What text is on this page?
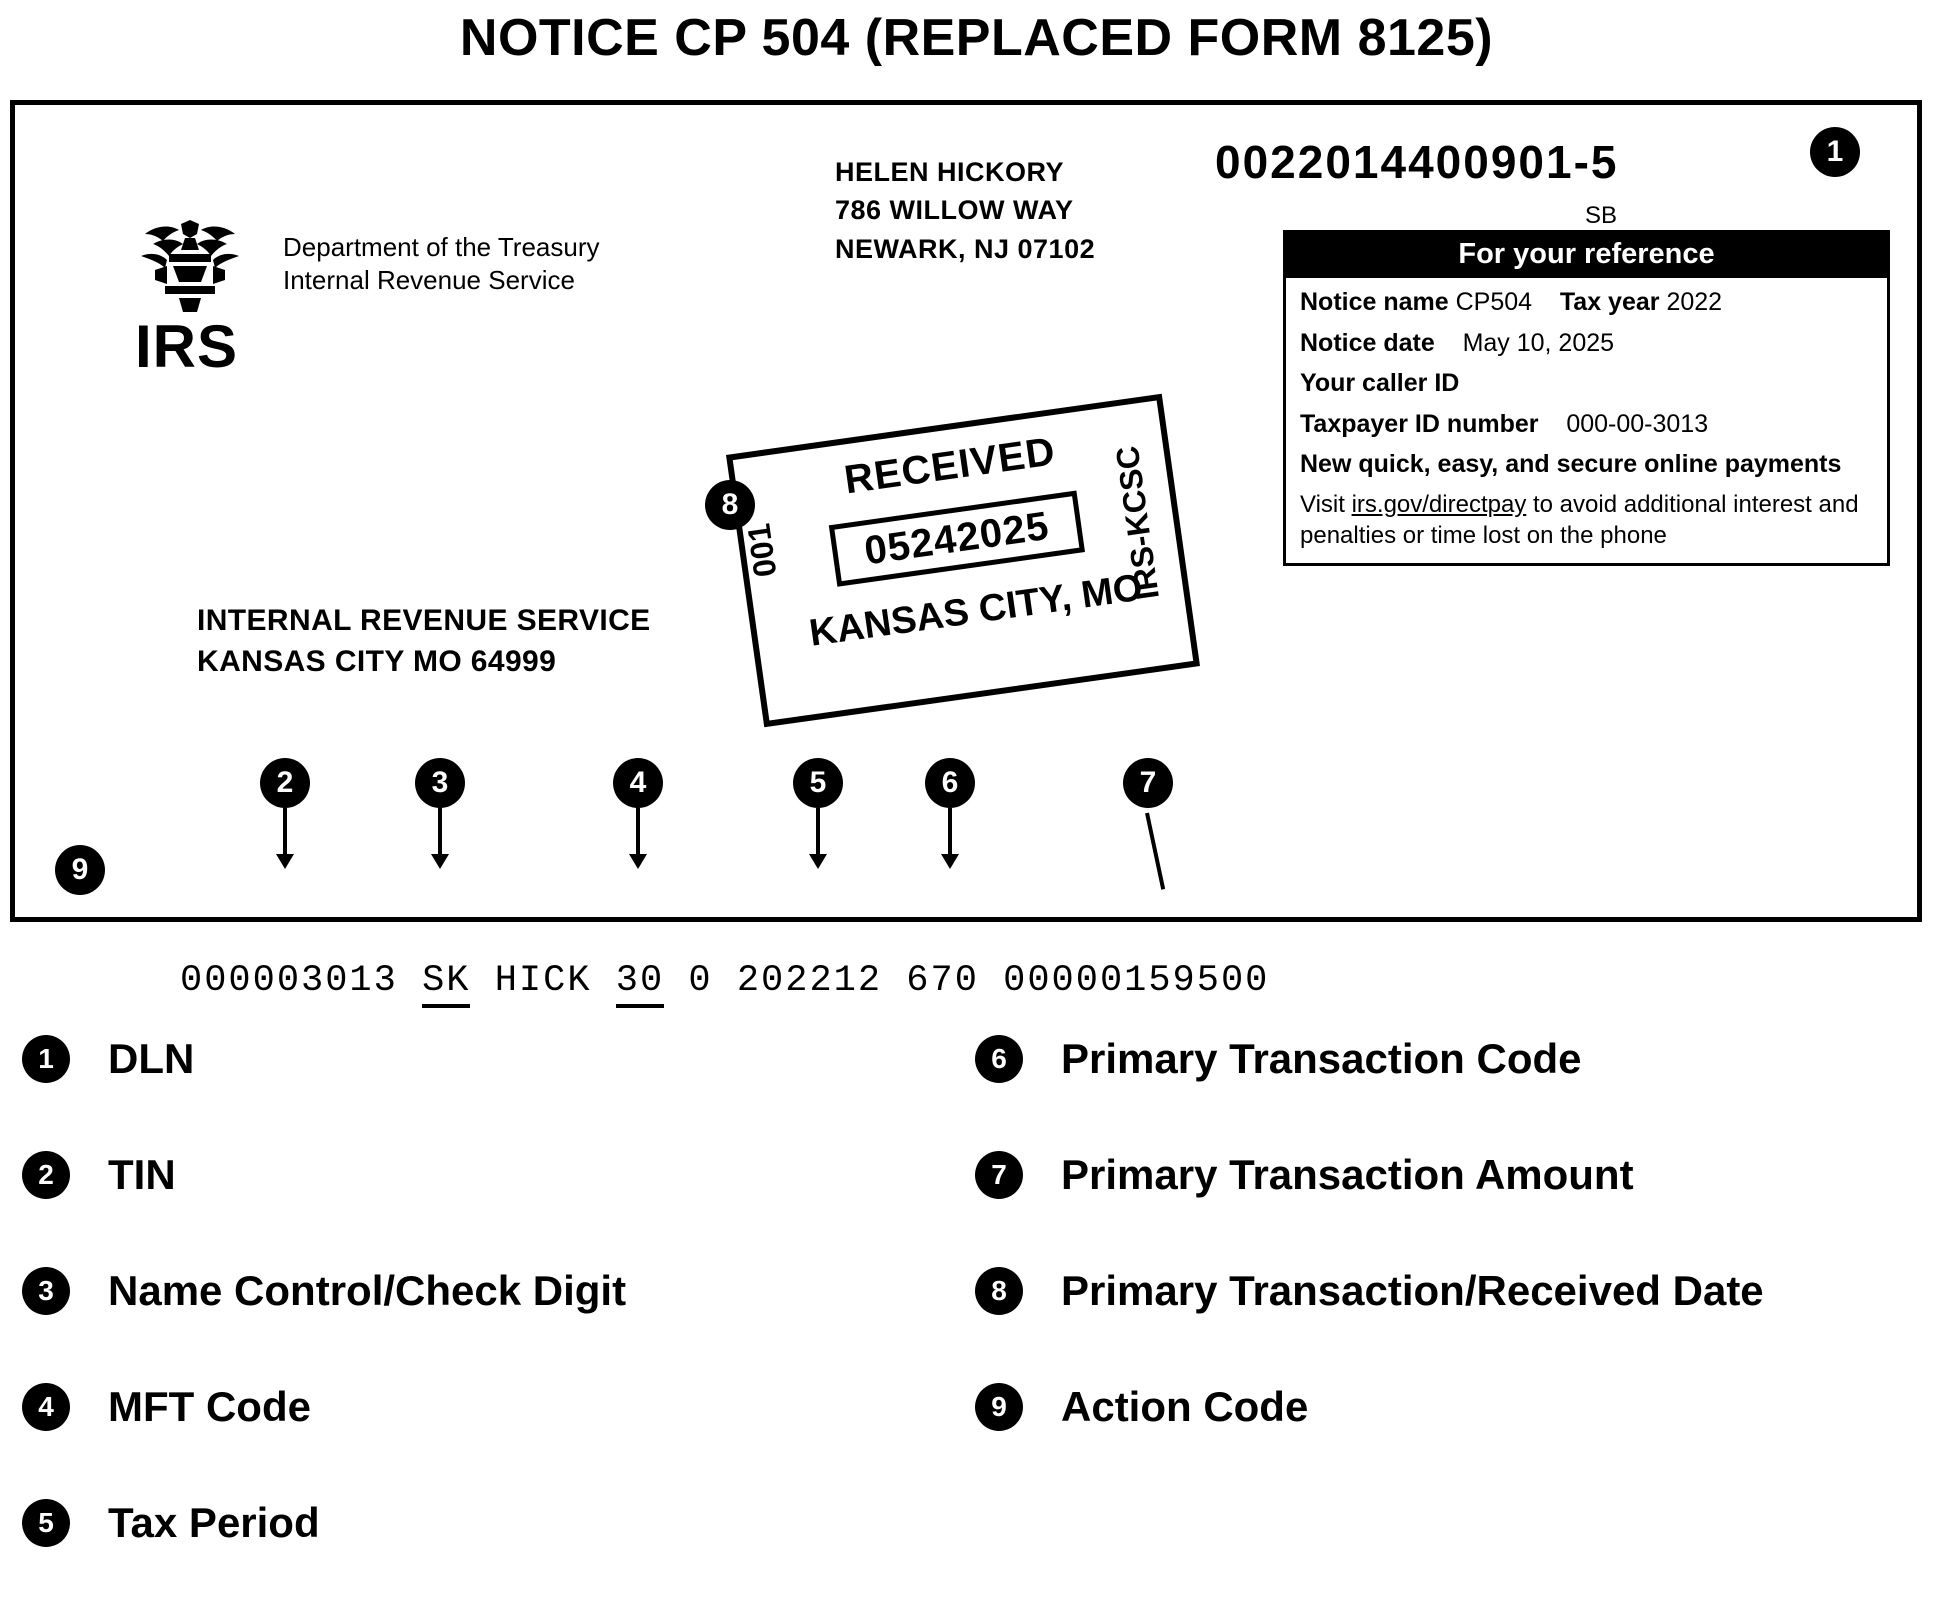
NOTICE CP 504 (REPLACED FORM 8125)
IRS
Department of the Treasury
Internal Revenue Service
HELEN HICKORY
786 WILLOW WAY
NEWARK, NJ 07102
0022014400901-5
SB
For your reference
Notice name CP504 Tax year 2022
Notice date May 10, 2025
Your caller ID
Taxpayer ID number 000-00-3013
New quick, easy, and secure online payments
Visit irs.gov/directpay to avoid additional interest and penalties or time lost on the phone
INTERNAL REVENUE SERVICE
KANSAS CITY MO 64999
RECEIVED
05242025
KANSAS CITY, MO
001	IRS-KCSC
000003013 SK HICK 30 0 202212 670 00000159500
1
8
2	3	4	5	6	7
9
1	DLN
2	TIN
3	Name Control/Check Digit
4	MFT Code
5	Tax Period
6	Primary Transaction Code
7	Primary Transaction Amount
8	Primary Transaction/Received Date
9	Action Code
